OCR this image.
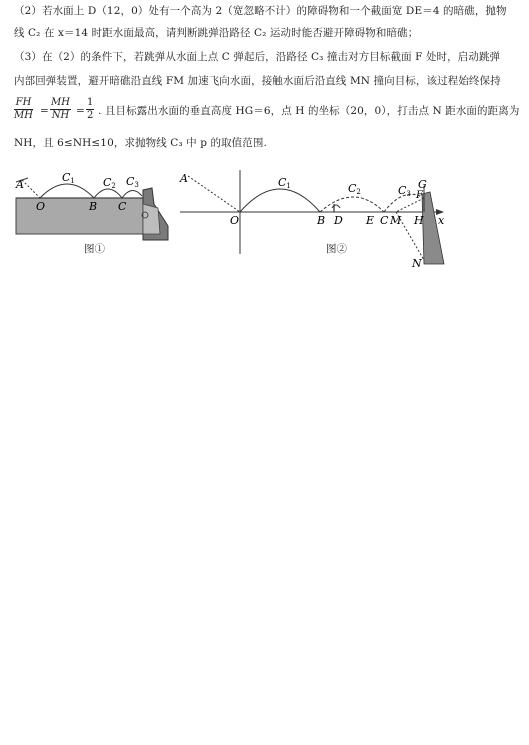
（2）若水面上 D（12，0）处有一个高为 2（宽忽略不计）的障碍物和一个截面宽 DE＝4 的暗礁，抛物
线 C₂ 在 x＝14 时距水面最高，请判断跳弹沿路径 C₂ 运动时能否避开障碍物和暗礁；
（3）在（2）的条件下，若跳弹从水面上点 C 弹起后，沿路径 C₃ 撞击对方目标截面 F 处时，启动跳弹
内部回弹装置，避开暗礁沿直线 FM 加速飞向水面，接触水面后沿直线 MN 撞向目标，该过程始终保持
$\frac{FH}{MH} = \frac{MH}{NH} = \frac{1}{2}$ . 且目标露出水面的垂直高度 HG＝6，点 H 的坐标（20，0），打击点 N 距水面的距离为
NH，且 6≤NH≤10，求抛物线 C₃ 中 p 的取值范围.
A
O	B C
C1	C2 C3
图①
A
O	B D E C M H x
N
G
F
C1	C2	C3
图②
